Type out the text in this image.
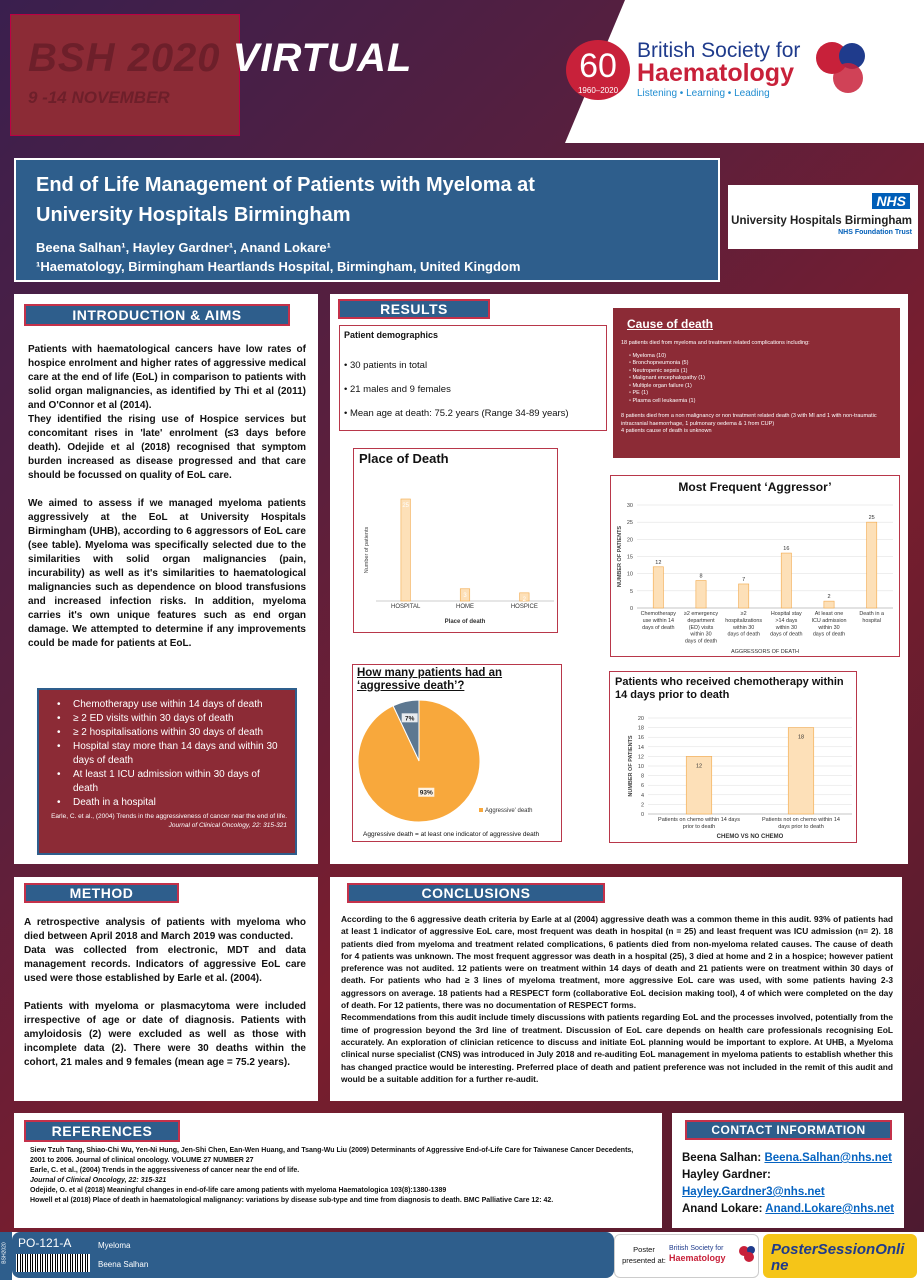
BSH 2020 VIRTUAL
9 -14 NOVEMBER
60
1960–2020
British Society for
Haematology
Listening • Learning • Leading
End of Life Management of Patients with Myeloma at
University Hospitals Birmingham
Beena Salhan¹, Hayley Gardner¹, Anand Lokare¹
¹Haematology, Birmingham Heartlands Hospital, Birmingham, United Kingdom
NHS
University Hospitals Birmingham
NHS Foundation Trust
INTRODUCTION & AIMS

Patients with haematological cancers have low rates of hospice enrolment and higher rates of aggressive medical care at the end of life (EoL) in comparison to patients with solid organ malignancies, as identified by Thi et al (2011) and O'Connor et al (2014).

They identified the rising use of Hospice services but concomitant rises in 'late' enrolment (≤3 days before death). Odejide et al (2018) recognised that symptom burden increased as disease progressed and that care should be focussed on quality of EoL care.

We aimed to assess if we managed myeloma patients aggressively at the EoL at University Hospitals Birmingham (UHB), according to 6 aggressors of EoL care (see table). Myeloma was specifically selected due to the similarities with solid organ malignancies (pain, incurability) as well as it's similarities to haematological malignancies such as dependence on blood transfusions and increased infection risks. In addition, myeloma carries it's own unique features such as end organ damage. We attempted to determine if any improvements could be made for patients at EoL.

• Chemotherapy use within 14 days of death
• ≥ 2 ED visits within 30 days of death
• ≥ 2 hospitalisations within 30 days of death
• Hospital stay more than 14 days and within 30 days of death
• At least 1 ICU admission within 30 days of death
• Death in a hospital
Earle, C. et al., (2004) Trends in the aggressiveness of cancer near the end of life.
Journal of Clinical Oncology, 22: 315-321
RESULTS
Patient demographics
• 30 patients in total
• 21 males and 9 females
• Mean age at death: 75.2 years (Range 34-89 years)
Cause of death
18 patients died from myeloma and treatment related complications including:
▫ Myeloma (10)
▫ Bronchopneumonia (5)
▫ Neutropenic sepsis (1)
▫ Malignant encephalopathy (1)
▫ Multiple organ failure (1)
▫ PE (1)
▫ Plasma cell leukaemia (1)
8 patients died from a non malignancy or non treatment related death (3 with MI and 1 with non-traumatic intracranial haemorrhage, 1 pulmonary oedema & 1 from CUP)
4 patients cause of death is unknown
Place of Death
25
HOSPITAL
3
HOME
2
HOSPICE
Number of patients
Place of death
Most Frequent ‘Aggressor’
0
5
10
15
20
25
30
12
Chemotherapy
use within 14
days of death
8
≥2 emergency
department
(ED) visits
within 30
days of death
7
≥2
hospitalizations
within 30
days of death
16
Hospital stay
>14 days
within 30
days of death
2
At least one
ICU admission
within 30
days of death
25
Death in a
hospital
NUMBER OF PATIENTS
AGGRESSORS OF DEATH
How many patients had an ‘aggressive death’?
7%
93%
Aggressive' death
Aggressive death = at least one indicator of aggressive death
Patients who received chemotherapy within 14 days prior to death
0
2
4
6
8
10
12
14
16
18
20
12
Patients on chemo within 14 days
prior to death
18
Patients not on chemo within 14
days prior to death
NUMBER OF PATIENTS
CHEMO VS NO CHEMO
METHOD

A retrospective analysis of patients with myeloma who died between April 2018 and March 2019 was conducted.

Data was collected from electronic, MDT and data management records. Indicators of aggressive EoL care used were those established by Earle et al. (2004).

Patients with myeloma or plasmacytoma were included irrespective of age or date of diagnosis. Patients with amyloidosis (2) were excluded as well as those with incomplete data (2). There were 30 deaths within the cohort, 21 males and 9 females (mean age = 75.2 years).

CONCLUSIONS

According to the 6 aggressive death criteria by Earle at al (2004) aggressive death was a common theme in this audit. 93% of patients had at least 1 indicator of aggressive EoL care, most frequent was death in hospital (n = 25) and least frequent was ICU admission (n= 2). 18 patients died from myeloma and treatment related complications, 6 patients died from non-myeloma related causes. The cause of death for 4 patients was unknown. The most frequent aggressor was death in a hospital (25), 3 died at home and 2 in a hospice; however patient preference was not audited. 12 patients were on treatment within 14 days of death and 21 patients were on treatment within 30 days of death. For patients who had ≥ 3 lines of myeloma treatment, more aggressive EoL care was used, with some patients having 2-3 aggressors on average. 18 patients had a RESPECT form (collaborative EoL decision making tool), 4 of which were completed on the day of death. For 12 patients, there was no documentation of RESPECT forms.

Recommendations from this audit include timely discussions with patients regarding EoL and the processes involved, potentially from the time of progression beyond the 3rd line of treatment. Discussion of EoL care depends on health care professionals recognising EoL accurately. An exploration of clinician reticence to discuss and initiate EoL planning would be important to explore. At UHB, a Myeloma clinical nurse specialist (CNS) was introduced in July 2018 and re-auditing EoL management in myeloma patients to establish whether this has changed practice would be interesting. Preferred place of death and patient preference was not included in the remit of this audit and would be a suitable addition for a further re-audit.

REFERENCES
Siew Tzuh Tang, Shiao-Chi Wu, Yen-Ni Hung, Jen-Shi Chen, Ean-Wen Huang, and Tsang-Wu Liu (2009) Determinants of Aggressive End-of-Life Care for Taiwanese Cancer Decedents, 2001 to 2006. Journal of clinical oncology. VOLUME 27 NUMBER 27
Earle, C. et al., (2004) Trends in the aggressiveness of cancer near the end of life.
Journal of Clinical Oncology, 22: 315-321
Odejide, O. et al (2018) Meaningful changes in end-of-life care among patients with myeloma Haematologica 103(8):1380-1389
Howell et al (2018) Place of death in haematological malignancy: variations by disease sub-type and time from diagnosis to death. BMC Palliative Care 12: 42.
CONTACT INFORMATION
Beena Salhan: Beena.Salhan@nhs.net
Hayley Gardner:
Hayley.Gardner3@nhs.net
Anand Lokare: Anand.Lokare@nhs.net
BSH2020 PO-121-A	Myeloma
Beena Salhan
Poster presented at:
British Society for
Haematology	PosterSessionOnline
